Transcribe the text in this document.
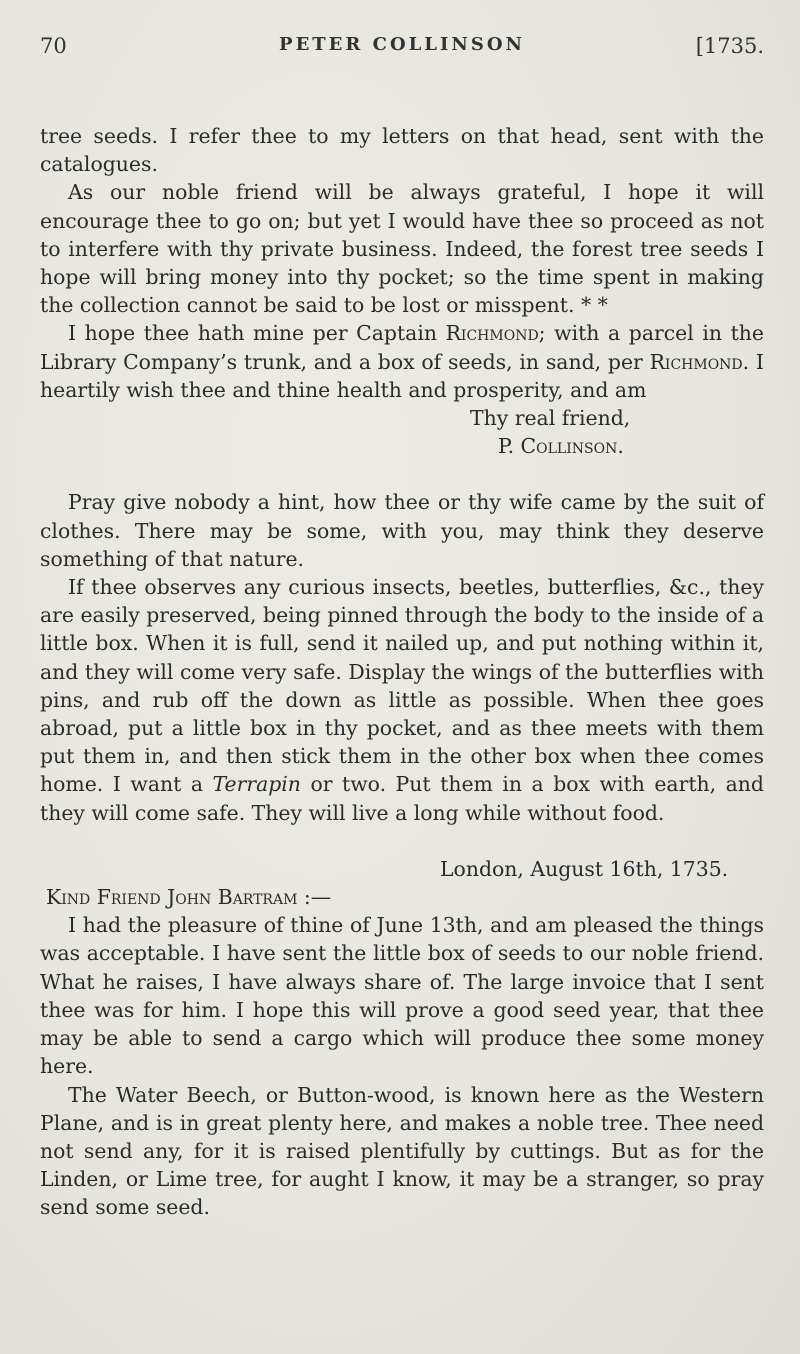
70	PETER COLLINSON	[1735.

tree seeds. I refer thee to my letters on that head, sent with the catalogues.

As our noble friend will be always grateful, I hope it will encourage thee to go on; but yet I would have thee so proceed as not to interfere with thy private business. Indeed, the forest tree seeds I hope will bring money into thy pocket; so the time spent in making the collection cannot be said to be lost or misspent. * *

I hope thee hath mine per Captain Richmond; with a parcel in the Library Company’s trunk, and a box of seeds, in sand, per Richmond. I heartily wish thee and thine health and prosperity, and am

Thy real friend,
P. Collinson.

Pray give nobody a hint, how thee or thy wife came by the suit of clothes. There may be some, with you, may think they deserve something of that nature.

If thee observes any curious insects, beetles, butterflies, &c., they are easily preserved, being pinned through the body to the inside of a little box. When it is full, send it nailed up, and put nothing within it, and they will come very safe. Display the wings of the butterflies with pins, and rub off the down as little as possible. When thee goes abroad, put a little box in thy pocket, and as thee meets with them put them in, and then stick them in the other box when thee comes home. I want a Terrapin or two. Put them in a box with earth, and they will come safe. They will live a long while without food.

London, August 16th, 1735.
Kind Friend John Bartram :—

I had the pleasure of thine of June 13th, and am pleased the things was acceptable. I have sent the little box of seeds to our noble friend. What he raises, I have always share of. The large invoice that I sent thee was for him. I hope this will prove a good seed year, that thee may be able to send a cargo which will produce thee some money here.

The Water Beech, or Button-wood, is known here as the Western Plane, and is in great plenty here, and makes a noble tree. Thee need not send any, for it is raised plentifully by cuttings. But as for the Linden, or Lime tree, for aught I know, it may be a stranger, so pray send some seed.
